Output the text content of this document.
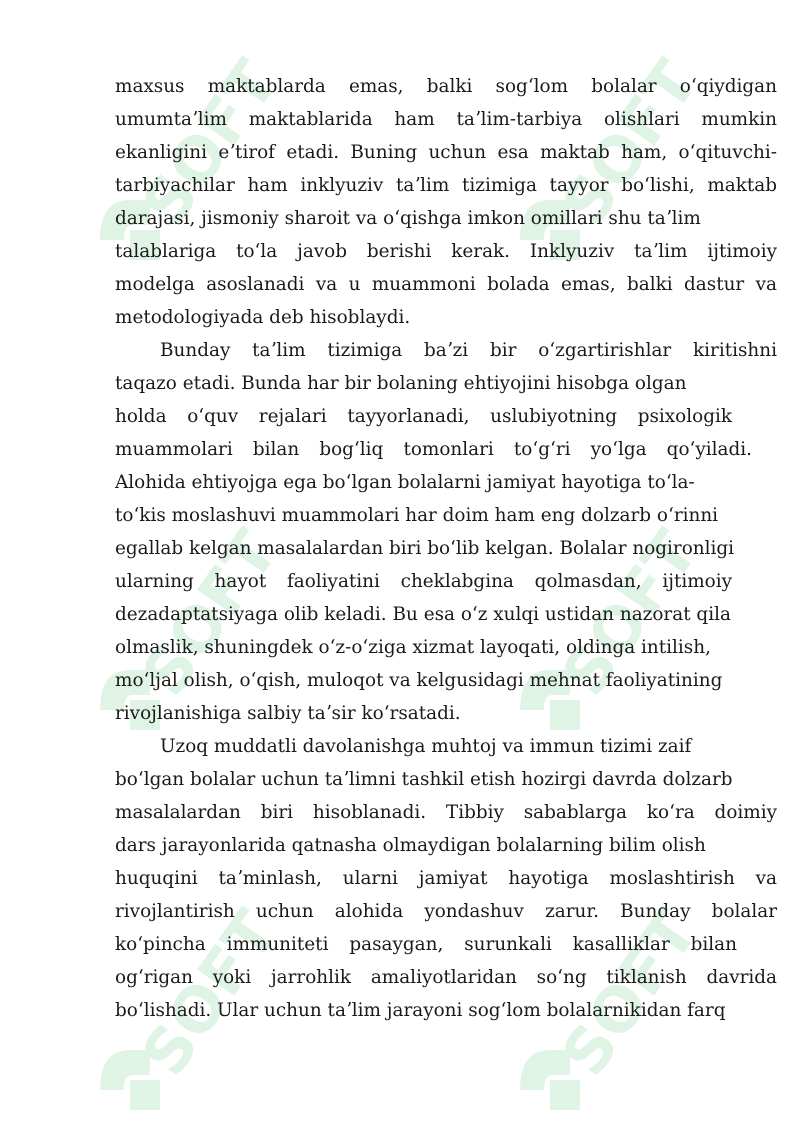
SOFT	SOFT
SOFT	SOFT
SOFT	SOFT
maxsus maktablarda emas, balki sogʻlom bolalar oʻqiydigan
umumtaʼlim maktablarida ham taʼlim-tarbiya olishlari mumkin
ekanligini eʼtirof etadi. Buning uchun esa maktab ham, oʻqituvchi-
tarbiyachilar ham inklyuziv taʼlim tizimiga tayyor boʻlishi, maktab
darajasi, jismoniy sharoit va oʻqishga imkon omillari shu taʼlim
talablariga toʻla javob berishi kerak. Inklyuziv taʼlim ijtimoiy
modelga asoslanadi va u muammoni bolada emas, balki dastur va
metodologiyada deb hisoblaydi.
Bunday taʼlim tizimiga baʼzi bir oʻzgartirishlar kiritishni
taqazo etadi. Bunda har bir bolaning ehtiyojini hisobga olgan
holda oʻquv rejalari tayyorlanadi, uslubiyotning psixologik
muammolari bilan bogʻliq tomonlari toʻgʻri yoʻlga qoʻyiladi.
Alohida ehtiyojga ega boʻlgan bolalarni jamiyat hayotiga toʻla-
toʻkis moslashuvi muammolari har doim ham eng dolzarb oʻrinni
egallab kelgan masalalardan biri boʻlib kelgan. Bolalar nogironligi
ularning hayot faoliyatini cheklabgina qolmasdan, ijtimoiy
dezadaptatsiyaga olib keladi. Bu esa oʻz xulqi ustidan nazorat qila
olmaslik, shuningdek oʻz-oʻziga xizmat layoqati, oldinga intilish,
moʻljal olish, oʻqish, muloqot va kelgusidagi mehnat faoliyatining
rivojlanishiga salbiy taʼsir koʻrsatadi.
Uzoq muddatli davolanishga muhtoj va immun tizimi zaif
boʻlgan bolalar uchun taʼlimni tashkil etish hozirgi davrda dolzarb
masalalardan biri hisoblanadi. Tibbiy sabablarga koʻra doimiy
dars jarayonlarida qatnasha olmaydigan bolalarning bilim olish
huquqini taʼminlash, ularni jamiyat hayotiga moslashtirish va
rivojlantirish uchun alohida yondashuv zarur. Bunday bolalar
koʻpincha immuniteti pasaygan, surunkali kasalliklar bilan
ogʻrigan yoki jarrohlik amaliyotlaridan soʻng tiklanish davrida
boʻlishadi. Ular uchun taʼlim jarayoni sogʻlom bolalarnikidan farq
